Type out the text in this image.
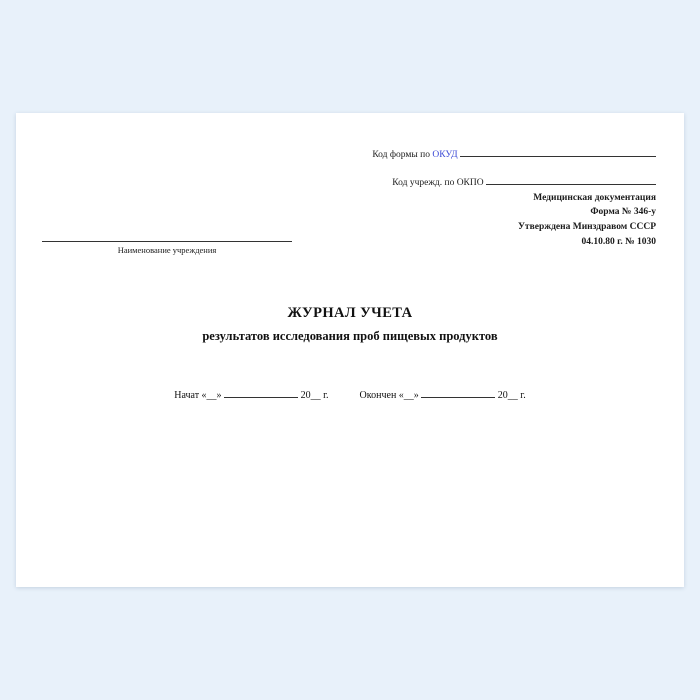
Код формы по ОКУД
Код учрежд. по ОКПО
Медицинская документация
Форма № 346-у
Утверждена Минздравом СССР
04.10.80 г. № 1030
Наименование учреждения
ЖУРНАЛ УЧЕТА
результатов исследования проб пищевых продуктов
Начат «__»	20__ г.	Окончен «__»	20__ г.
